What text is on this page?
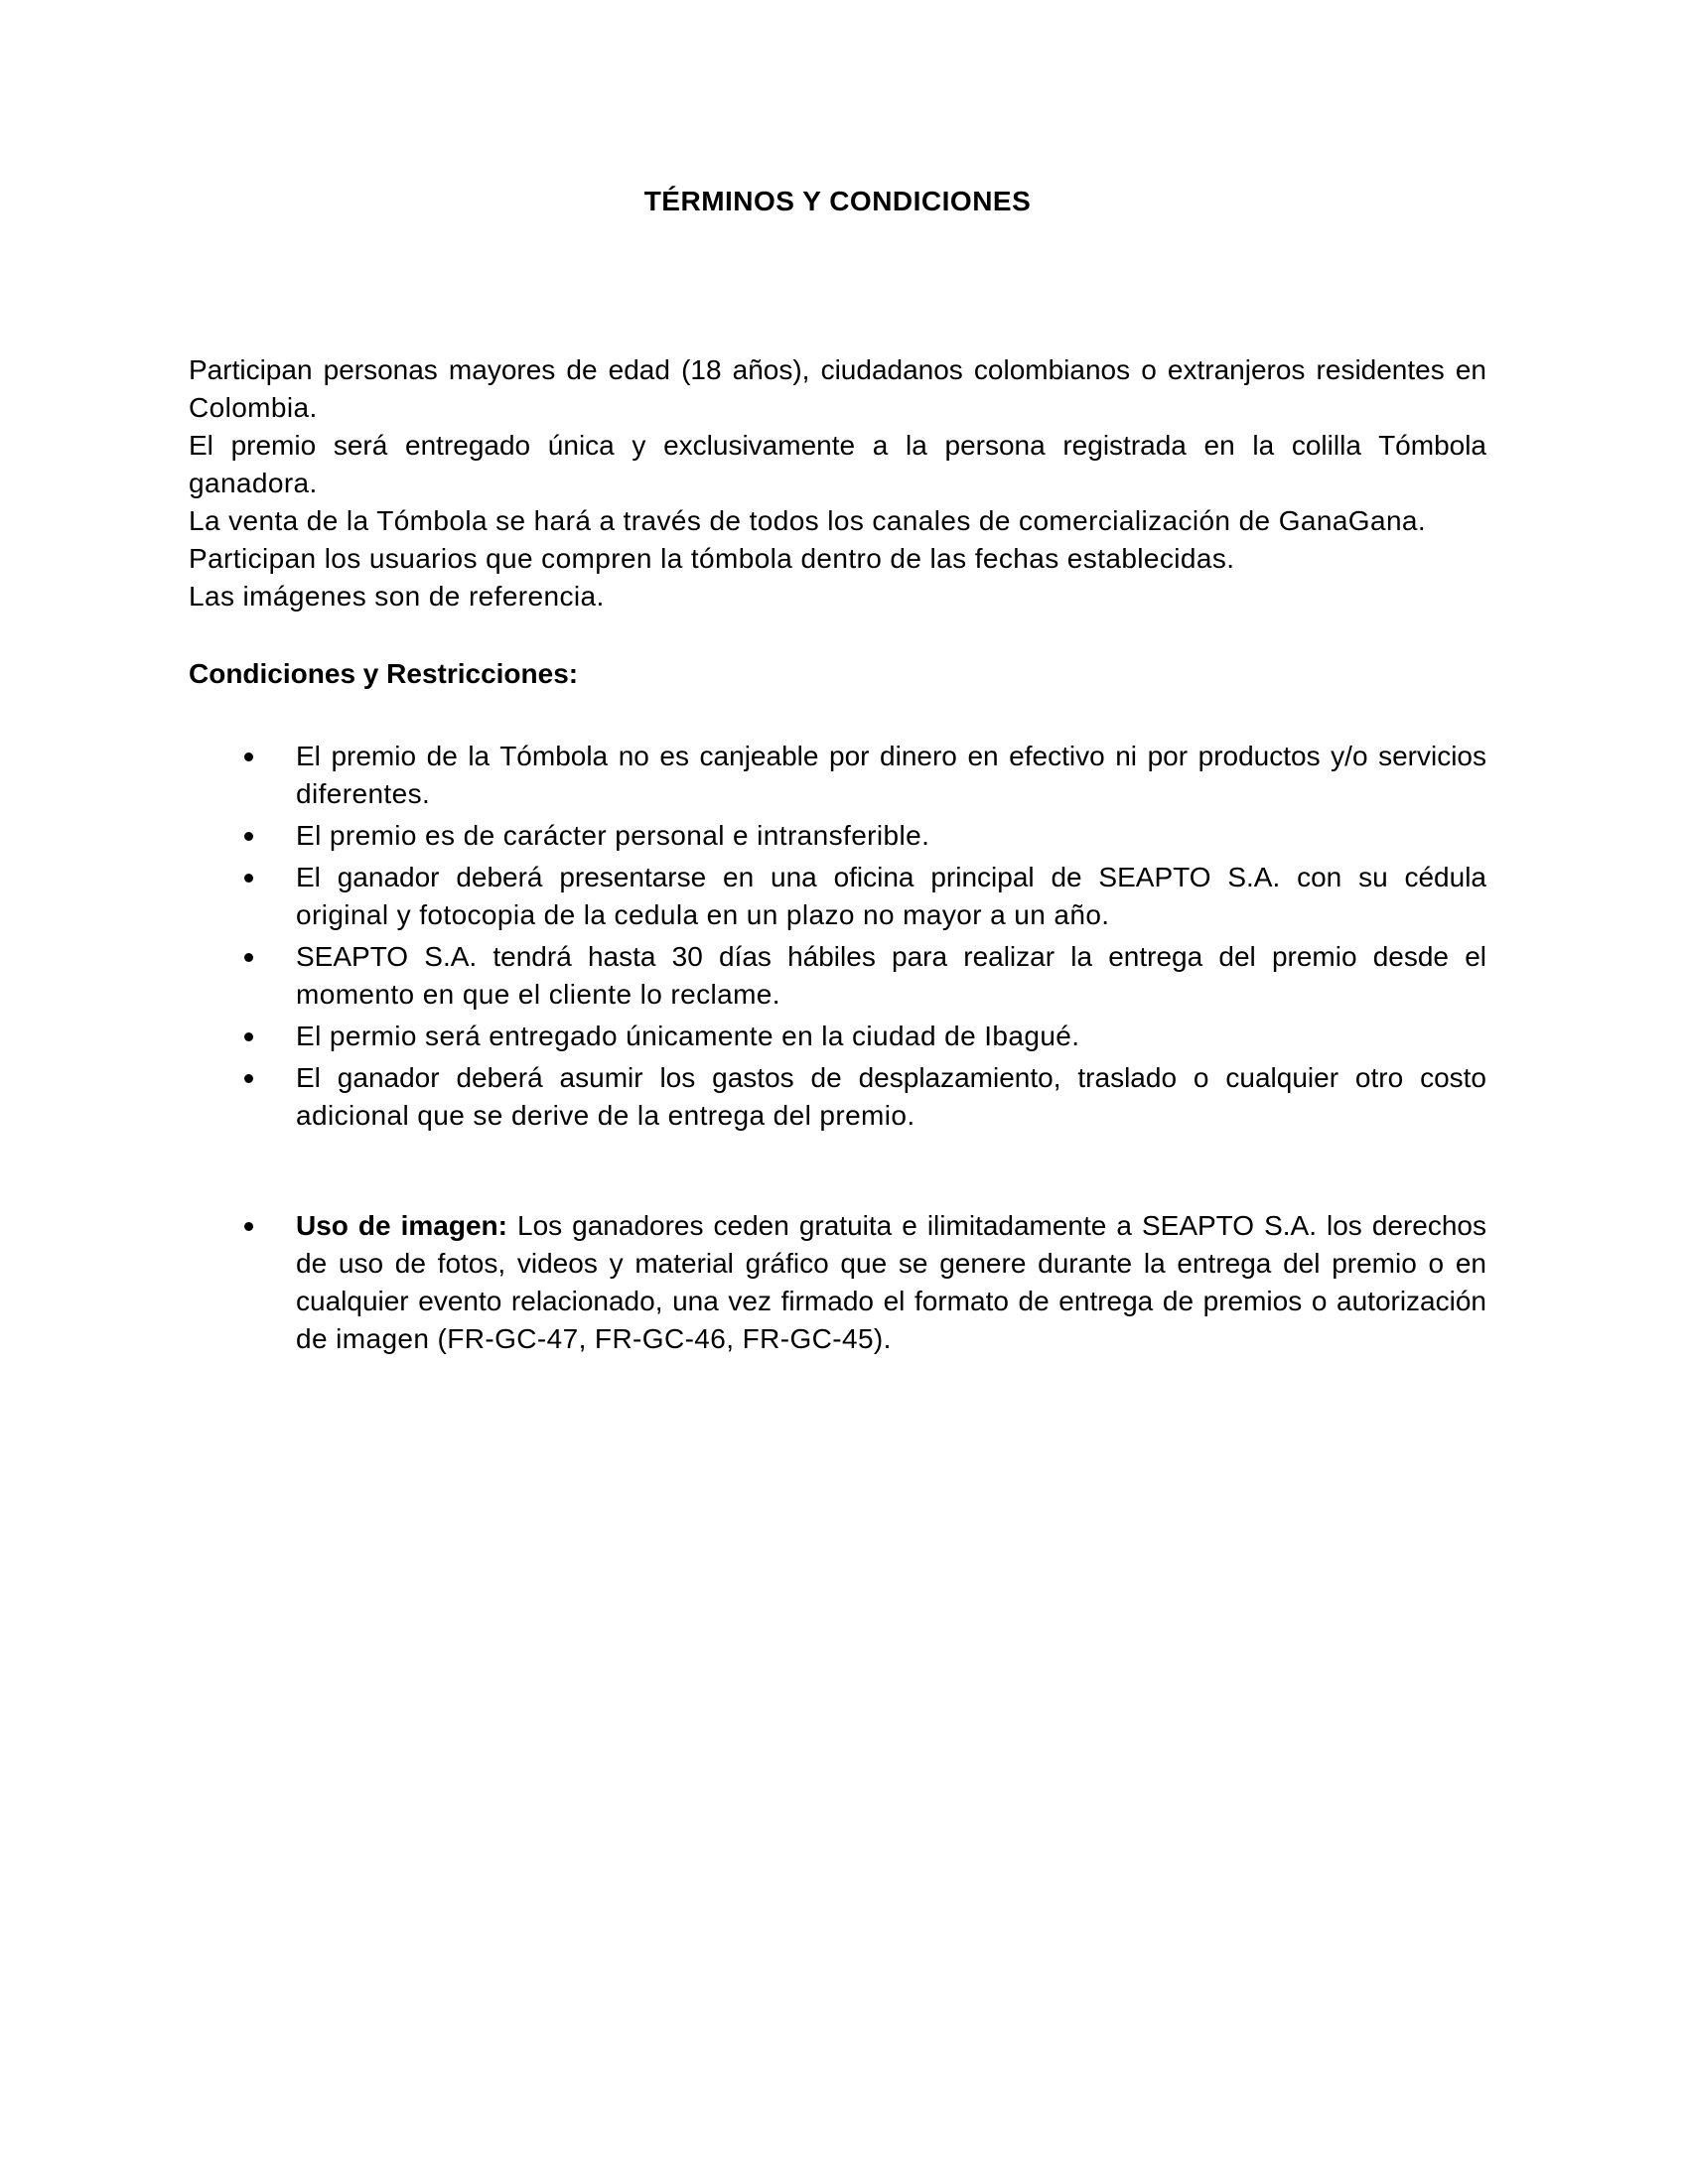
TÉRMINOS Y CONDICIONES

Participan personas mayores de edad (18 años), ciudadanos colombianos o extranjeros residentes en
Colombia.

El premio será entregado única y exclusivamente a la persona registrada en la colilla Tómbola
ganadora.

La venta de la Tómbola se hará a través de todos los canales de comercialización de GanaGana.

Participan los usuarios que compren la tómbola dentro de las fechas establecidas.

Las imágenes son de referencia.

Condiciones y Restricciones:
El premio de la Tómbola no es canjeable por dinero en efectivo ni por productos y/o servicios
diferentes.
El premio es de carácter personal e intransferible.
El ganador deberá presentarse en una oficina principal de SEAPTO S.A. con su cédula
original y fotocopia de la cedula en un plazo no mayor a un año.
SEAPTO S.A. tendrá hasta 30 días hábiles para realizar la entrega del premio desde el
momento en que el cliente lo reclame.
El permio será entregado únicamente en la ciudad de Ibagué.
El ganador deberá asumir los gastos de desplazamiento, traslado o cualquier otro costo
adicional que se derive de la entrega del premio.
Uso de imagen: Los ganadores ceden gratuita e ilimitadamente a SEAPTO S.A. los derechos
de uso de fotos, videos y material gráfico que se genere durante la entrega del premio o en
cualquier evento relacionado, una vez firmado el formato de entrega de premios o autorización
de imagen (FR-GC-47, FR-GC-46, FR-GC-45).
